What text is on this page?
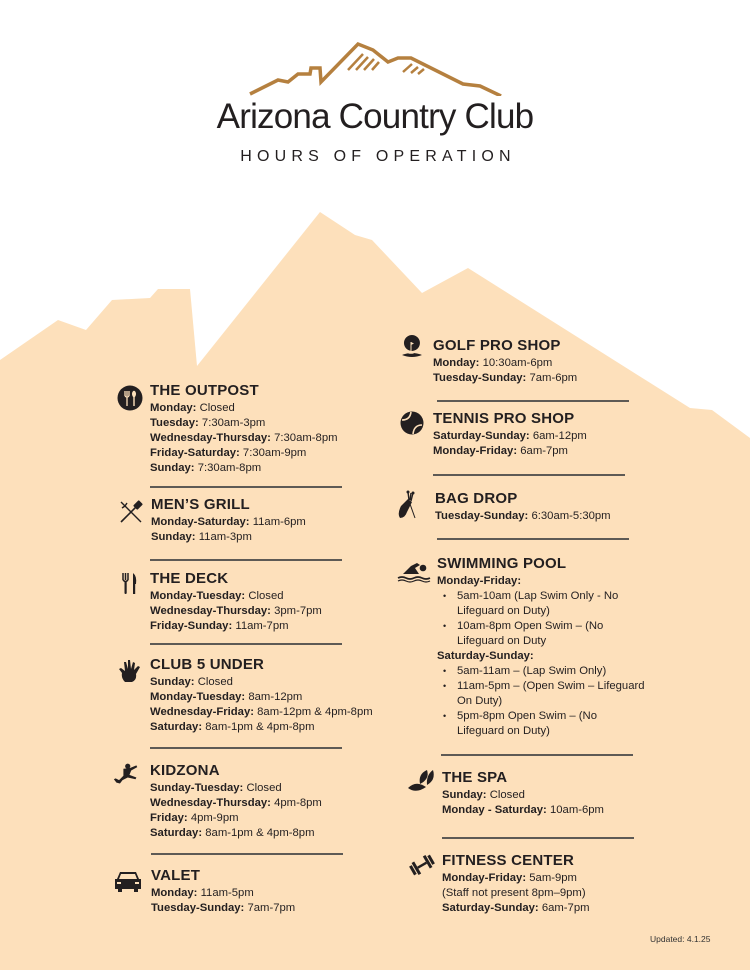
Arizona Country Club
HOURS OF OPERATION
THE OUTPOST
Monday: Closed
Tuesday: 7:30am-3pm
Wednesday-Thursday: 7:30am-8pm
Friday-Saturday: 7:30am-9pm
Sunday: 7:30am-8pm
MEN’S GRILL
Monday-Saturday: 11am-6pm
Sunday: 11am-3pm
THE DECK
Monday-Tuesday: Closed
Wednesday-Thursday: 3pm-7pm
Friday-Sunday: 11am-7pm
CLUB 5 UNDER
Sunday: Closed
Monday-Tuesday: 8am-12pm
Wednesday-Friday: 8am-12pm & 4pm-8pm
Saturday: 8am-1pm & 4pm-8pm
KIDZONA
Sunday-Tuesday: Closed
Wednesday-Thursday: 4pm-8pm
Friday: 4pm-9pm
Saturday: 8am-1pm & 4pm-8pm
VALET
Monday: 11am-5pm
Tuesday-Sunday: 7am-7pm
GOLF PRO SHOP
Monday: 10:30am-6pm
Tuesday-Sunday: 7am-6pm
TENNIS PRO SHOP
Saturday-Sunday: 6am-12pm
Monday-Friday: 6am-7pm
BAG DROP
Tuesday-Sunday: 6:30am-5:30pm
SWIMMING POOL
Monday-Friday:
• 5am-10am (Lap Swim Only - No Lifeguard on Duty)
• 10am-8pm Open Swim – (No Lifeguard on Duty
Saturday-Sunday:
• 5am-11am – (Lap Swim Only)
• 11am-5pm – (Open Swim – Lifeguard On Duty)
• 5pm-8pm Open Swim – (No Lifeguard on Duty)
THE SPA
Sunday: Closed
Monday - Saturday: 10am-6pm
FITNESS CENTER
Monday-Friday: 5am-9pm
(Staff not present 8pm–9pm)
Saturday-Sunday: 6am-7pm
Updated: 4.1.25
